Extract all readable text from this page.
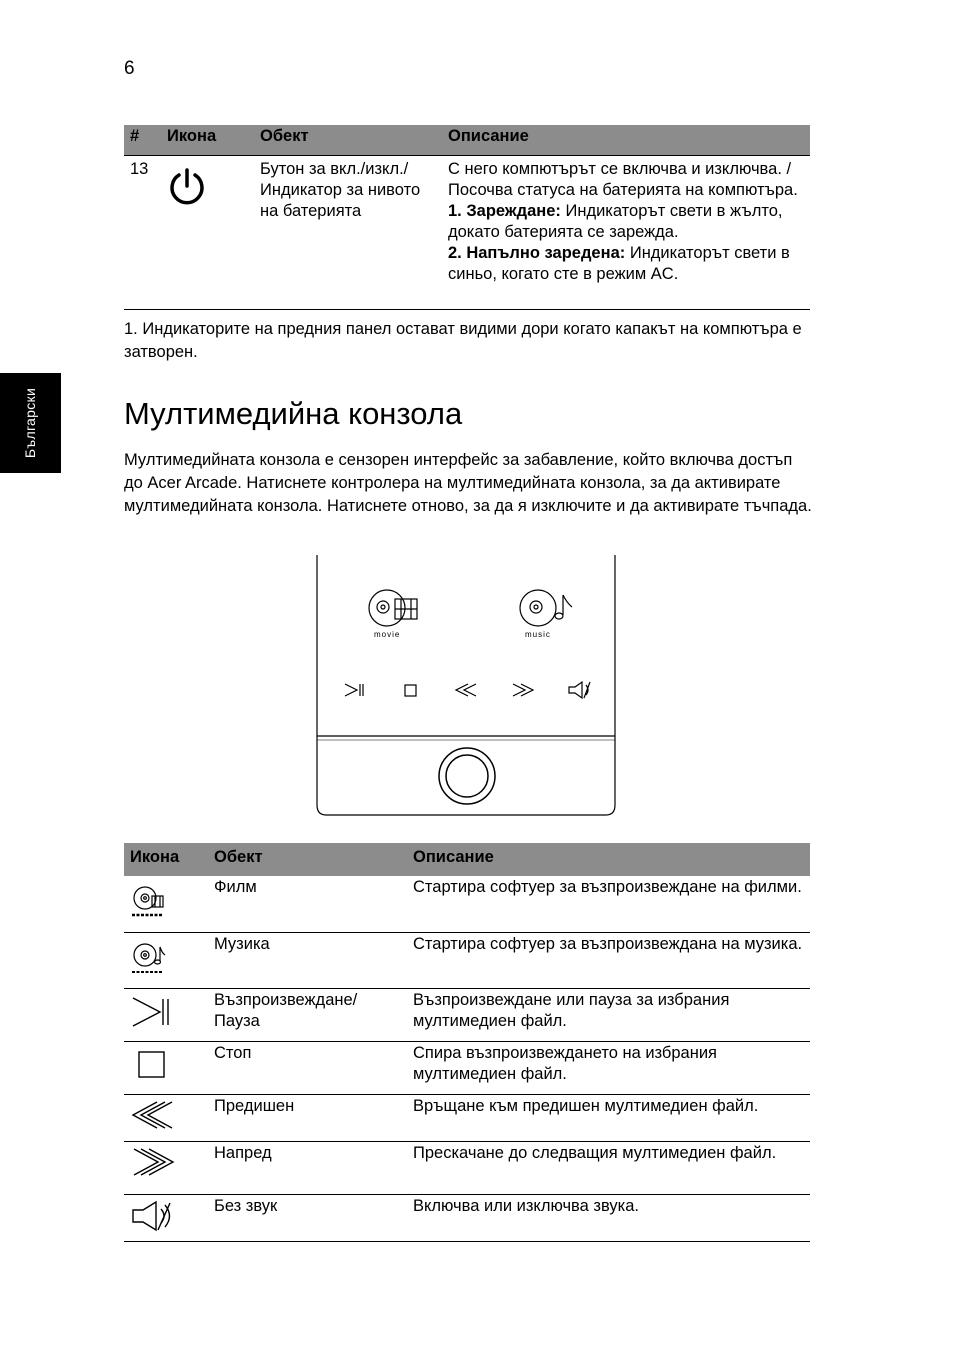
6
Български
#	Икона	Обект	Описание
13		Бутон за вкл./изкл./ Индикатор за нивото на батерията	С него компютърът се включва и изключва. /Посочва статуса на батерията на компютъра.
1. Зареждане: Индикаторът свети в жълто, докато батерията се зарежда.
2. Напълно заредена: Индикаторът свети в синьо, когато сте в режим AC.
1. Индикаторите на предния панел остават видими дори когато капакът на компютъра е затворен.
Мултимедийна конзола
Мултимедийната конзола е сензорен интерфейс за забавление, който включва достъп до Acer Arcade. Натиснете контролера на мултимедийната конзола, за да активирате мултимедийната конзола. Натиснете отново, за да я изключите и да активирате тъчпада.
movie	music
Икона	Обект	Описание

	Филм	Стартира софтуер за възпроизвеждане на филми.

	Музика	Стартира софтуер за възпроизвеждана на музика.

	Възпроизвеждане/ Пауза	Възпроизвеждане или пауза за избрания мултимедиен файл.

	Стоп	Спира възпроизвеждането на избрания мултимедиен файл.

	Предишен	Връщане към предишен мултимедиен файл.

	Напред	Прескачане до следващия мултимедиен файл.

	Без звук	Включва или изключва звука.
